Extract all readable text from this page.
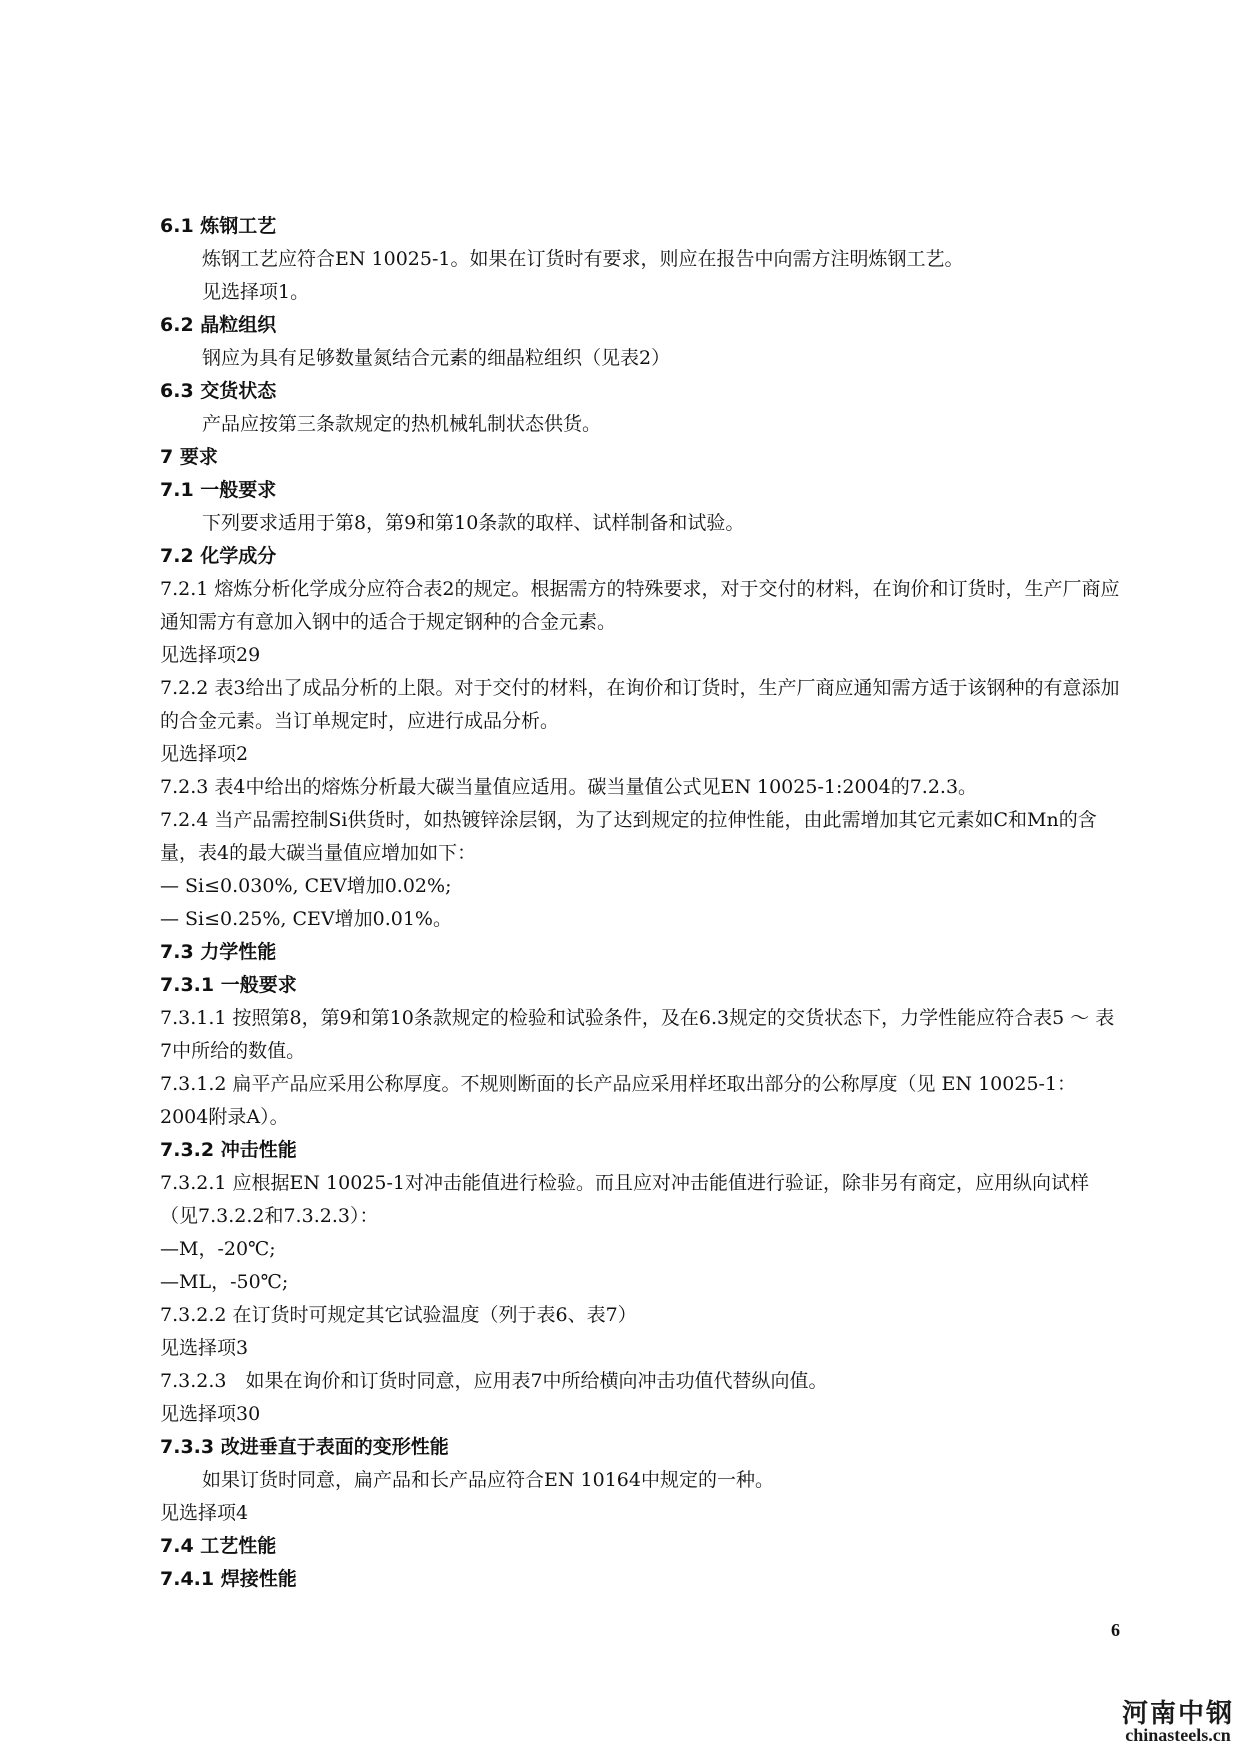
6.1 炼钢工艺
炼钢工艺应符合EN 10025-1。如果在订货时有要求，则应在报告中向需方注明炼钢工艺。
见选择项1。
6.2 晶粒组织
钢应为具有足够数量氮结合元素的细晶粒组织（见表2）
6.3 交货状态
产品应按第三条款规定的热机械轧制状态供货。
7 要求
7.1 一般要求
下列要求适用于第8，第9和第10条款的取样、试样制备和试验。
7.2 化学成分
7.2.1 熔炼分析化学成分应符合表2的规定。根据需方的特殊要求，对于交付的材料，在询价和订货时，生产厂商应通知需方有意加入钢中的适合于规定钢种的合金元素。
见选择项29
7.2.2 表3给出了成品分析的上限。对于交付的材料，在询价和订货时，生产厂商应通知需方适于该钢种的有意添加的合金元素。当订单规定时，应进行成品分析。
见选择项2
7.2.3 表4中给出的熔炼分析最大碳当量值应适用。碳当量值公式见EN 10025-1:2004的7.2.3。
7.2.4 当产品需控制Si供货时，如热镀锌涂层钢，为了达到规定的拉伸性能，由此需增加其它元素如C和Mn的含量，表4的最大碳当量值应增加如下：
— Si≤0.030%, CEV增加0.02%;
— Si≤0.25%, CEV增加0.01%。
7.3 力学性能
7.3.1 一般要求
7.3.1.1 按照第8，第9和第10条款规定的检验和试验条件，及在6.3规定的交货状态下，力学性能应符合表5 ～ 表7中所给的数值。
7.3.1.2 扁平产品应采用公称厚度。不规则断面的长产品应采用样坯取出部分的公称厚度（见 EN 10025-1：2004附录A）。
7.3.2 冲击性能
7.3.2.1 应根据EN 10025-1对冲击能值进行检验。而且应对冲击能值进行验证，除非另有商定，应用纵向试样（见7.3.2.2和7.3.2.3）：
—M，-20℃;
—ML，-50℃;
7.3.2.2 在订货时可规定其它试验温度（列于表6、表7）
见选择项3
7.3.2.3　如果在询价和订货时同意，应用表7中所给横向冲击功值代替纵向值。
见选择项30
7.3.3 改进垂直于表面的变形性能
如果订货时同意，扁产品和长产品应符合EN 10164中规定的一种。
见选择项4
7.4 工艺性能
7.4.1 焊接性能
6
河南中钢
chinasteels.cn
